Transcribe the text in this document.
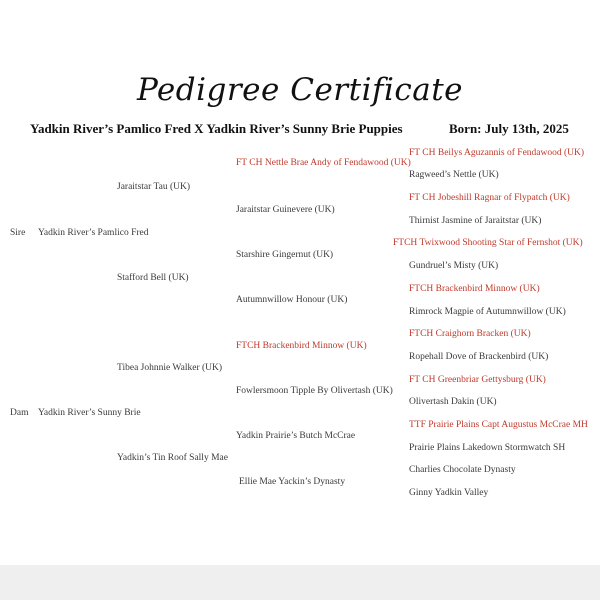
Pedigree Certificate
Yadkin River’s Pamlico Fred X Yadkin River’s Sunny Brie Puppies	Born: July 13th, 2025
Sire Yadkin River’s Pamlico Fred
Dam Yadkin River’s Sunny Brie
Jaraitstar Tau (UK)
Stafford Bell (UK)
Tibea Johnnie Walker (UK)
Yadkin’s Tin Roof Sally Mae
FT CH Nettle Brae Andy of Fendawood (UK)
Jaraitstar Guinevere (UK)
Starshire Gingernut (UK)
Autumnwillow Honour (UK)
FTCH Brackenbird Minnow (UK)
Fowlersmoon Tipple By Olivertash (UK)
Yadkin Prairie’s Butch McCrae
Ellie Mae Yackin’s Dynasty
FT CH Beilys Aguzannis of Fendawood (UK)
Ragweed’s Nettle (UK)
FT CH Jobeshill Ragnar of Flypatch (UK)
Thirnist Jasmine of Jaraitstar (UK)
FTCH Twixwood Shooting Star of Fernshot (UK)
Gundruel’s Misty (UK)
FTCH Brackenbird Minnow (UK)
Rimrock Magpie of Autumnwillow (UK)
FTCH Craighorn Bracken (UK)
Ropehall Dove of Brackenbird (UK)
FT CH Greenbriar Gettysburg (UK)
Olivertash Dakin (UK)
TTF Prairie Plains Capt Augustus McCrae MH
Prairie Plains Lakedown Stormwatch SH
Charlies Chocolate Dynasty
Ginny Yadkin Valley
